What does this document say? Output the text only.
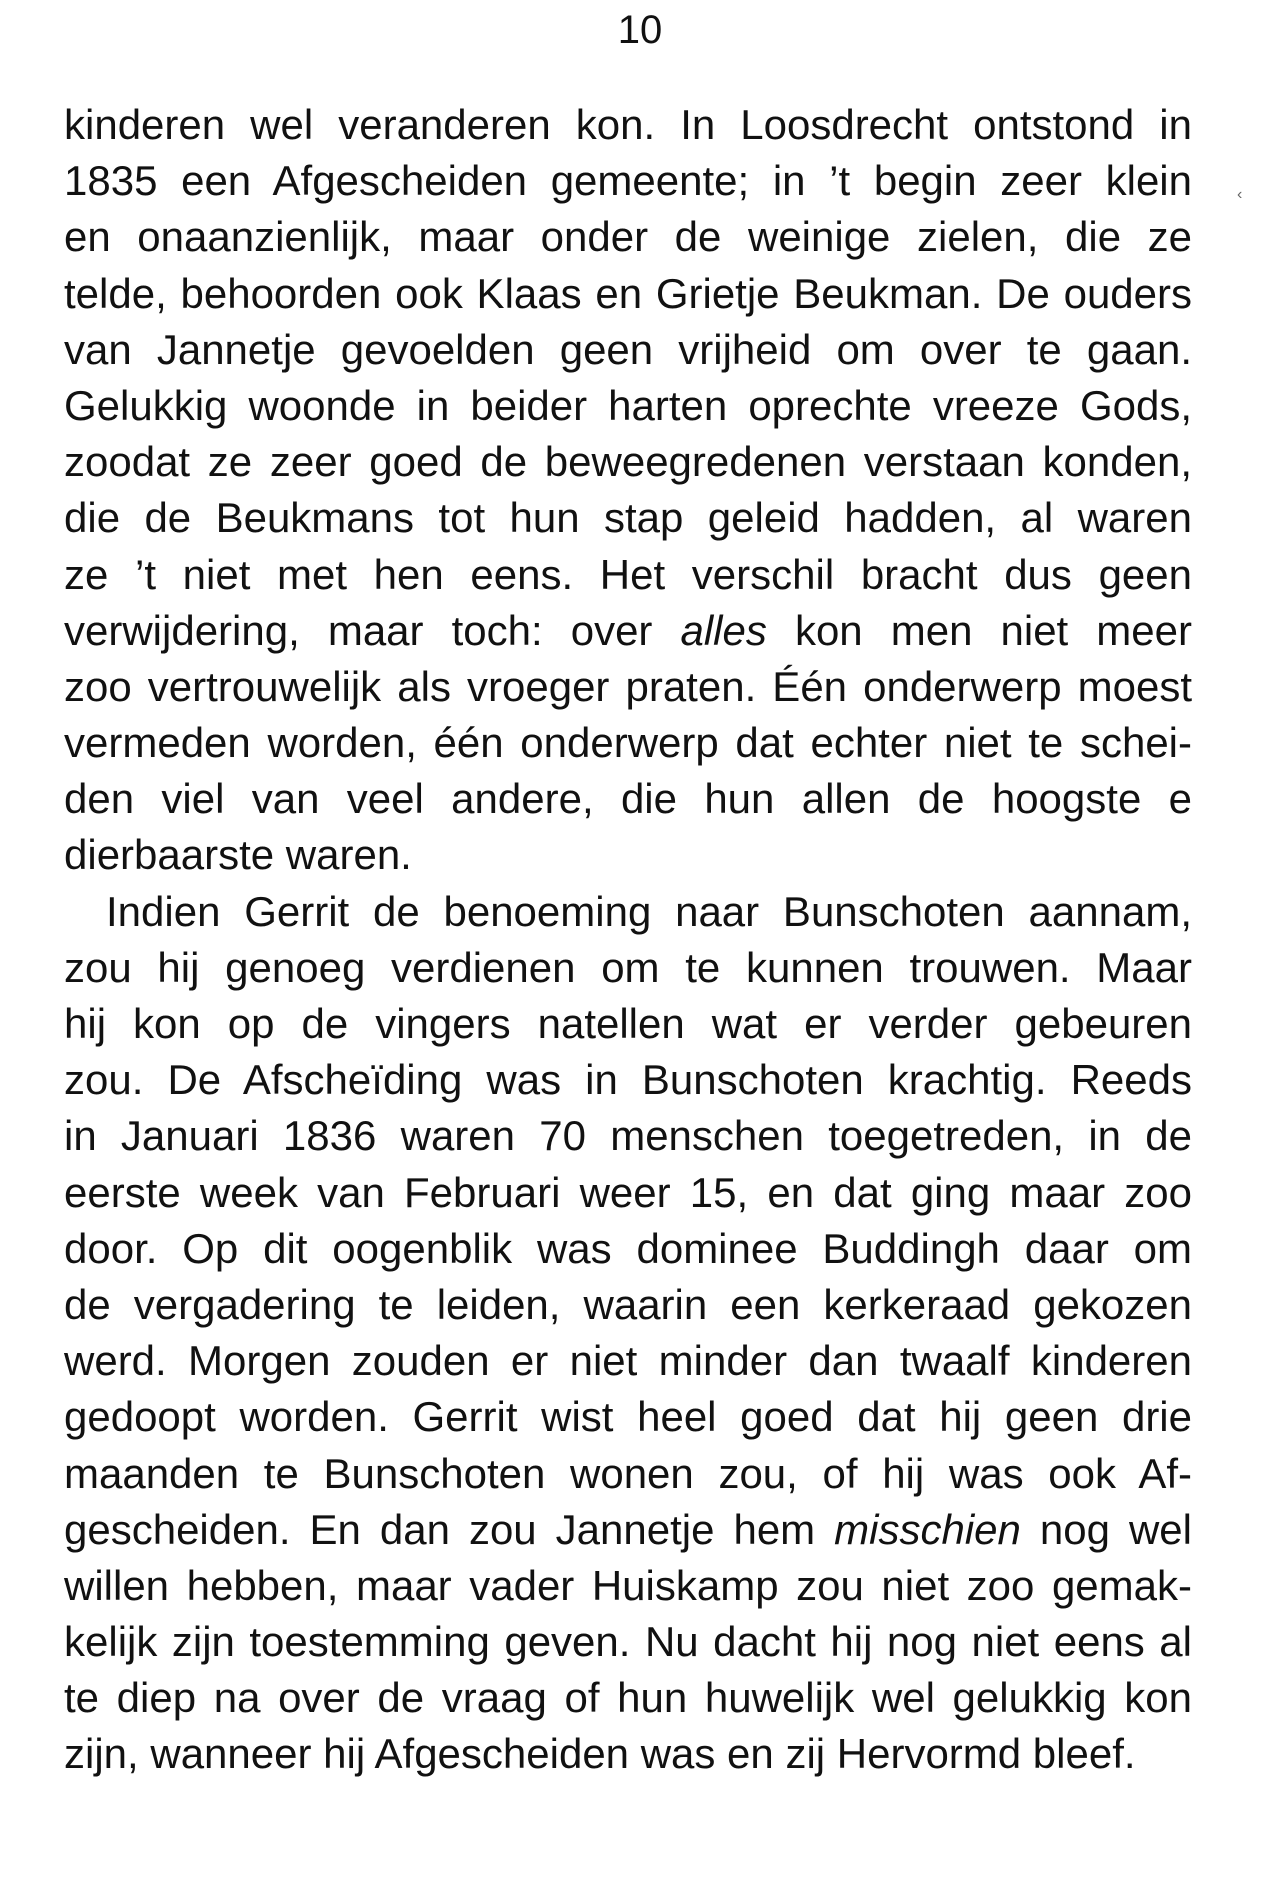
10
kinderen wel veranderen kon. In Loosdrecht ontstond in
1835 een Afgescheiden gemeente; in ’t begin zeer klein
en onaanzienlijk, maar onder de weinige zielen, die ze
telde, behoorden ook Klaas en Grietje Beukman. De ouders
van Jannetje gevoelden geen vrijheid om over te gaan.
Gelukkig woonde in beider harten oprechte vreeze Gods,
zoodat ze zeer goed de beweegredenen verstaan konden,
die de Beukmans tot hun stap geleid hadden, al waren
ze ’t niet met hen eens. Het verschil bracht dus geen
verwijdering, maar toch: over alles kon men niet meer
zoo vertrouwelijk als vroeger praten. Één onderwerp moest
vermeden worden, één onderwerp dat echter niet te schei-
den viel van veel andere, die hun allen de hoogste e
dierbaarste waren.
Indien Gerrit de benoeming naar Bunschoten aannam,
zou hij genoeg verdienen om te kunnen trouwen. Maar
hij kon op de vingers natellen wat er verder gebeuren
zou. De Afscheïding was in Bunschoten krachtig. Reeds
in Januari 1836 waren 70 menschen toegetreden, in de
eerste week van Februari weer 15, en dat ging maar zoo
door. Op dit oogenblik was dominee Buddingh daar om
de vergadering te leiden, waarin een kerkeraad gekozen
werd. Morgen zouden er niet minder dan twaalf kinderen
gedoopt worden. Gerrit wist heel goed dat hij geen drie
maanden te Bunschoten wonen zou, of hij was ook Af-
gescheiden. En dan zou Jannetje hem misschien nog wel
willen hebben, maar vader Huiskamp zou niet zoo gemak-
kelijk zijn toestemming geven. Nu dacht hij nog niet eens al
te diep na over de vraag of hun huwelijk wel gelukkig kon
zijn, wanneer hij Afgescheiden was en zij Hervormd bleef.
‹
